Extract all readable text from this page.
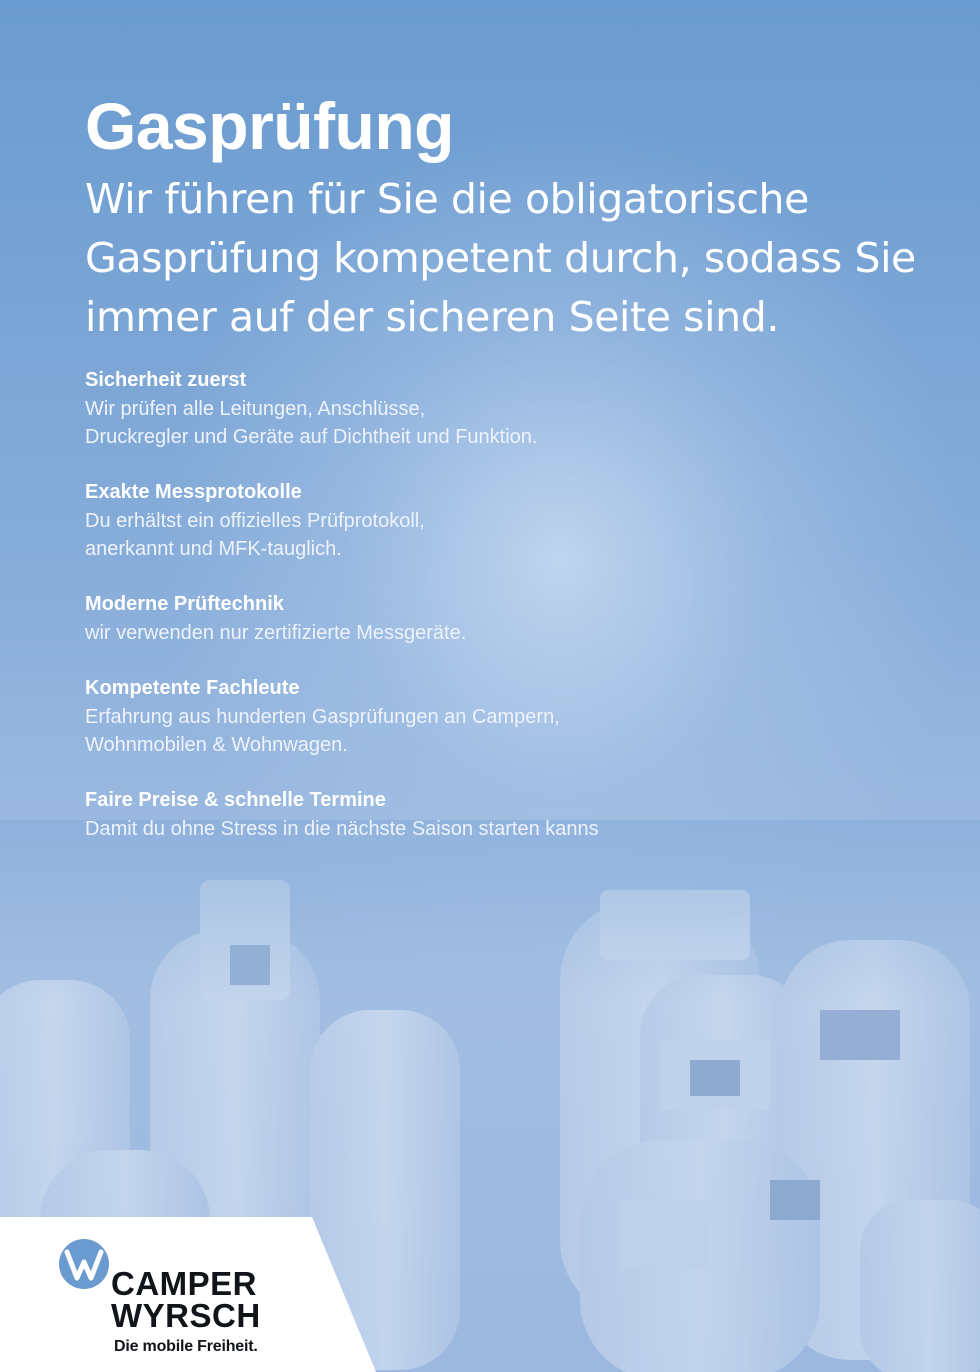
Gasprüfung
Wir führen für Sie die obligatorische Gasprüfung kompetent durch, sodass Sie immer auf der sicheren Seite sind.

Sicherheit zuerst

Wir prüfen alle Leitungen, Anschlüsse,
Druckregler und Geräte auf Dichtheit und Funktion.

Exakte Messprotokolle

Du erhältst ein offizielles Prüfprotokoll,
anerkannt und MFK-tauglich.

Moderne Prüftechnik

wir verwenden nur zertifizierte Messgeräte.

Kompetente Fachleute

Erfahrung aus hunderten Gasprüfungen an Campern,
Wohnmobilen & Wohnwagen.

Faire Preise & schnelle Termine

Damit du ohne Stress in die nächste Saison starten kanns

CAMPER

WYRSCH

Die mobile Freiheit.
